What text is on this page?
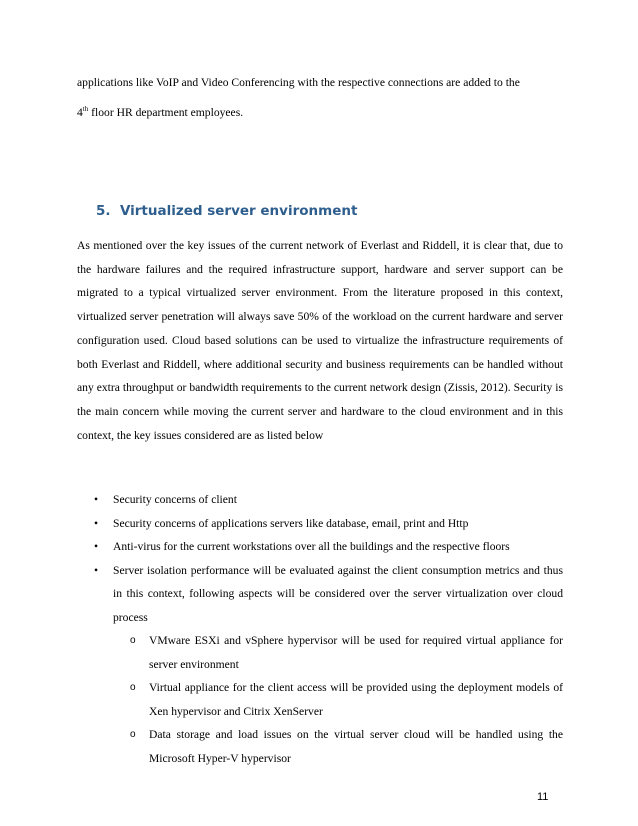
applications like VoIP and Video Conferencing with the respective connections are added to the
4th floor HR department employees.
5. Virtualized server environment

As mentioned over the key issues of the current network of Everlast and Riddell, it is clear that, due to the hardware failures and the required infrastructure support, hardware and server support can be migrated to a typical virtualized server environment. From the literature proposed in this context, virtualized server penetration will always save 50% of the workload on the current hardware and server configuration used. Cloud based solutions can be used to virtualize the infrastructure requirements of both Everlast and Riddell, where additional security and business requirements can be handled without any extra throughput or bandwidth requirements to the current network design (Zissis, 2012). Security is the main concern while moving the current server and hardware to the cloud environment and in this context, the key issues considered are as listed below

• Security concerns of client
• Security concerns of applications servers like database, email, print and Http
• Anti-virus for the current workstations over all the buildings and the respective floors
• Server isolation performance will be evaluated against the client consumption metrics and thus in this context, following aspects will be considered over the server virtualization over cloud process
o VMware ESXi and vSphere hypervisor will be used for required virtual appliance for server environment
o Virtual appliance for the client access will be provided using the deployment models of Xen hypervisor and Citrix XenServer
o Data storage and load issues on the virtual server cloud will be handled using the Microsoft Hyper-V hypervisor
11
